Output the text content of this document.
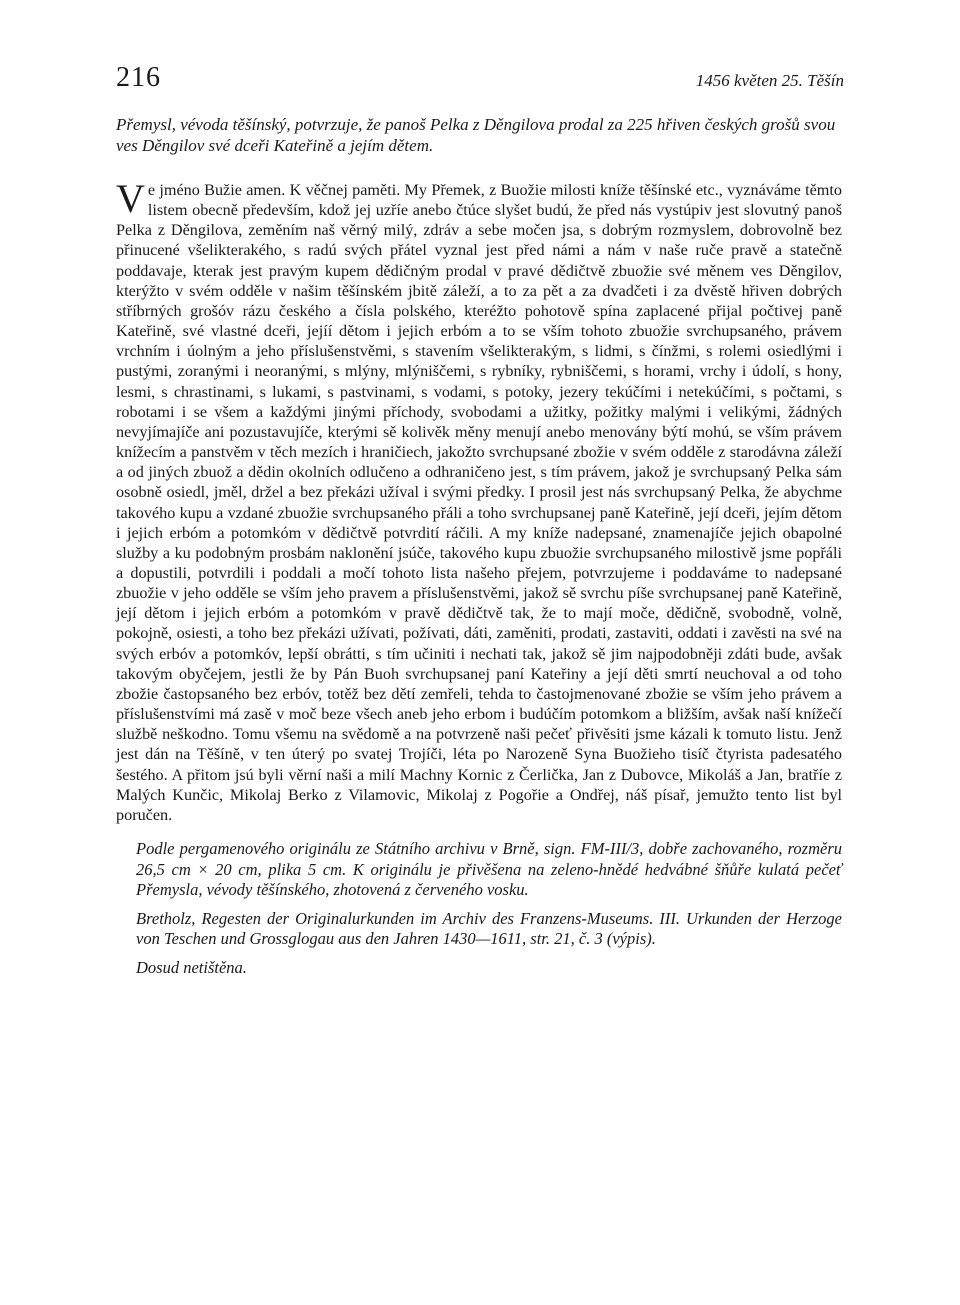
216	1456 květen 25. Těšín
Přemysl, vévoda těšínský, potvrzuje, že panoš Pelka z Děngilova prodal za 225 hřiven českých grošů svou ves Děngilov své dceři Kateřině a jejím dětem.
Ve jméno Bužie amen. K věčnej paměti. My Přemek, z Buožie milosti kníže těšínské etc., vyznáváme těmto listem obecně především, kdož jej uzříe anebo čtúce slyšet budú, že před nás vystúpiv jest slovutný panoš Pelka z Děngilova, zeměním naš věrný milý, zdráv a sebe močen jsa, s dobrým rozmyslem, dobrovolně bez přinucené všelikterakého, s radú svých přátel vyznal jest před námi a nám v naše ruče pravě a statečně poddavaje, kterak jest pravým kupem dědičným prodal v pravé dědičtvě zbuožie své měnem ves Děngilov, kterýžto v svém odděle v našim těšínském jbitě záleží, a to za pět a za dvadčeti i za dvěstě hřiven dobrých stříbrných grošóv rázu českého a čísla polského, kteréžto pohotově spína zaplacené přijal počtivej paně Kateřině, své vlastné dceři, jejíí dětom i jejich erbóm a to se vším tohoto zbuožie svrchupsaného, právem vrchním i úolným a jeho příslušenstvěmi, s stavením všelikterakým, s lidmi, s čínžmi, s rolemi osiedlými i pustými, zoranými i neoranými, s mlýny, mlýniščemi, s rybníky, rybniščemi, s horami, vrchy i údolí, s hony, lesmi, s chrastinami, s lukami, s pastvinami, s vodami, s potoky, jezery tekúčími i netekúčími, s počtami, s robotami i se všem a každými jinými příchody, svobodami a užitky, požitky malými i velikými, žádných nevyjímajíče ani pozustavujíče, kterými sě kolivěk měny menují anebo menovány býtí mohú, se vším právem knížecím a panstvěm v těch mezích i hraničiech, jakožto svrchupsané zbožie v svém odděle z starodávna záleží a od jiných zbuož a dědin okolních odlučeno a odhraničeno jest, s tím právem, jakož je svrchupsaný Pelka sám osobně osiedl, jměl, držel a bez překázi užíval i svými předky. I prosil jest nás svrchupsaný Pelka, že abychme takového kupu a vzdané zbuožie svrchupsaného přáli a toho svrchupsanej paně Kateřině, její dceři, jejím dětom i jejich erbóm a potomkóm v dědičtvě potvrdití ráčili. A my kníže nadepsané, znamenajíče jejich obapolné služby a ku podobným prosbám naklonění jsúče, takového kupu zbuožie svrchupsaného milostivě jsme popřáli a dopustili, potvrdili i poddali a močí tohoto lista našeho přejem, potvrzujeme i poddaváme to nadepsané zbuožie v jeho odděle se vším jeho pravem a příslušenstvěmi, jakož sě svrchu píše svrchupsanej paně Kateřině, její dětom i jejich erbóm a potomkóm v pravě dědičtvě tak, že to mají moče, dědičně, svobodně, volně, pokojně, osiesti, a toho bez překázi užívati, požívati, dáti, zaměniti, prodati, zastaviti, oddati i zavěsti na své na svých erbóv a potomkóv, lepší obrátti, s tím učiniti i nechati tak, jakož sě jim najpodobněji zdáti bude, avšak takovým obyčejem, jestli že by Pán Buoh svrchupsanej paní Kateřiny a její děti smrtí neuchoval a od toho zbožie častopsaného bez erbóv, totěž bez dětí zemřeli, tehda to častojmenované zbožie se vším jeho právem a příslušenstvími má zasě v moč beze všech aneb jeho erbom i budúčím potomkom a bližším, avšak naší knížečí službě neškodno. Tomu všemu na svědomě a na potvrzeně naši pečeť přivěsiti jsme kázali k tomuto listu. Jenž jest dán na Těšíně, v ten úterý po svatej Trojíči, léta po Narozeně Syna Buožieho tisíč čtyrista padesatého šestého. A přitom jsú byli věrní naši a milí Machny Kornic z Čerlička, Jan z Dubovce, Mikoláš a Jan, bratříe z Malých Kunčic, Mikolaj Berko z Vilamovic, Mikolaj z Pogořie a Ondřej, náš písař, jemužto tento list byl poručen.

Podle pergamenového originálu ze Státního archivu v Brně, sign. FM-III/3, dobře zachovaného, rozměru 26,5 cm × 20 cm, plika 5 cm. K originálu je přivěšena na zeleno-hnědé hedvábné šňůře kulatá pečeť Přemysla, vévody těšínského, zhotovená z červeného vosku.

Bretholz, Regesten der Originalurkunden im Archiv des Franzens-Museums. III. Urkunden der Herzoge von Teschen und Grossglogau aus den Jahren 1430—1611, str. 21, č. 3 (výpis).

Dosud netištěna.
